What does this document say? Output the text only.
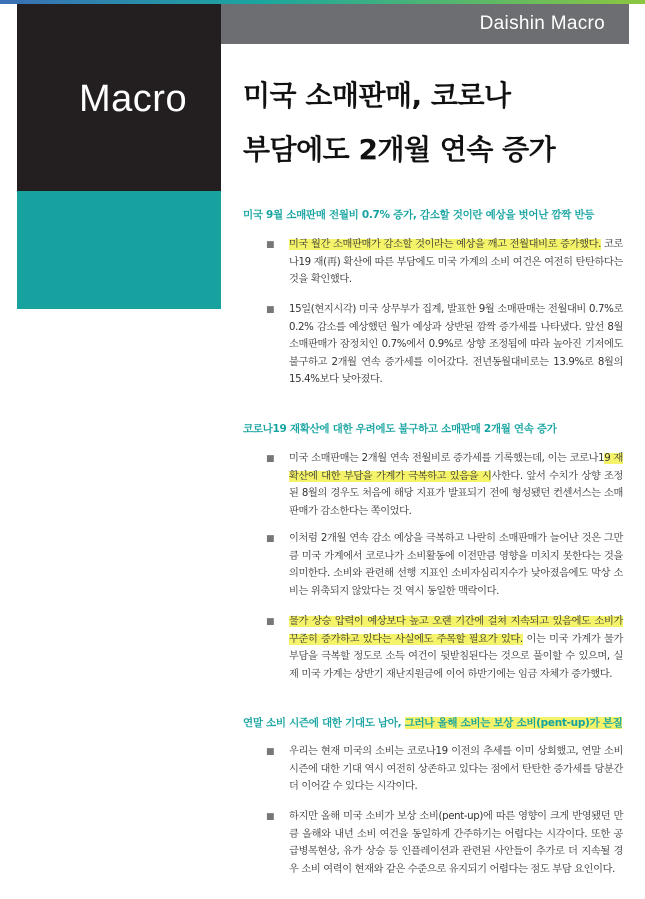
Macro
Economist & Fixed Income Strategist 공동락
dongrak.kong@daishin.com
Daishin Macro
미국 소매판매, 코로나
부담에도 2개월 연속 증가
미국 9월 소매판매 전월비 0.7% 증가, 감소할 것이란 예상을 벗어난 깜짝 반등
■ 미국 월간 소매판매가 감소할 것이라는 예상을 깨고 전월대비로 증가했다. 코로나19 재(再) 확산에 따른 부담에도 미국 가계의 소비 여건은 여전히 탄탄하다는 것을 확인했다.
■ 15일(현지시각) 미국 상무부가 집계, 발표한 9월 소매판매는 전월대비 0.7%로 0.2% 감소를 예상했던 월가 예상과 상반된 깜짝 증가세를 나타냈다. 앞선 8월 소매판매가 잠정치인 0.7%에서 0.9%로 상향 조정됨에 따라 높아진 기저에도 불구하고 2개월 연속 증가세를 이어갔다. 전년동월대비로는 13.9%로 8월의 15.4%보다 낮아졌다.
코로나19 재확산에 대한 우려에도 불구하고 소매판매 2개월 연속 증가
■ 미국 소매판매는 2개월 연속 전월비로 증가세를 기록했는데, 이는 코로나19 재확산에 대한 부담을 가계가 극복하고 있음을 시사한다. 앞서 수치가 상향 조정된 8월의 경우도 처음에 해당 지표가 발표되기 전에 형성됐던 컨센서스는 소매판매가 감소한다는 쪽이었다.
■ 이처럼 2개월 연속 감소 예상을 극복하고 나란히 소매판매가 늘어난 것은 그만큼 미국 가계에서 코로나가 소비활동에 이전만큼 영향을 미치지 못한다는 것을 의미한다. 소비와 관련해 선행 지표인 소비자심리지수가 낮아졌음에도 막상 소비는 위축되지 않았다는 것 역시 동일한 맥락이다.
■ 물가 상승 압력이 예상보다 높고 오랜 기간에 걸쳐 지속되고 있음에도 소비가 꾸준히 증가하고 있다는 사실에도 주목할 필요가 있다. 이는 미국 가계가 물가 부담을 극복할 정도로 소득 여건이 뒷받침된다는 것으로 풀이할 수 있으며, 실제 미국 가계는 상반기 재난지원금에 이어 하반기에는 임금 자체가 증가했다.
연말 소비 시즌에 대한 기대도 남아, 그러나 올해 소비는 보상 소비(pent-up)가 본질
■ 우리는 현재 미국의 소비는 코로나19 이전의 추세를 이미 상회했고, 연말 소비 시즌에 대한 기대 역시 여전히 상존하고 있다는 점에서 탄탄한 증가세를 당분간 더 이어갈 수 있다는 시각이다.
■ 하지만 올해 미국 소비가 보상 소비(pent-up)에 따른 영향이 크게 반영됐던 만큼 올해와 내년 소비 여건을 동일하게 간주하기는 어렵다는 시각이다. 또한 공급병목현상, 유가 상승 등 인플레이션과 관련된 사안들이 추가로 더 지속될 경우 소비 여력이 현재와 같은 수준으로 유지되기 어렵다는 점도 부담 요인이다.
